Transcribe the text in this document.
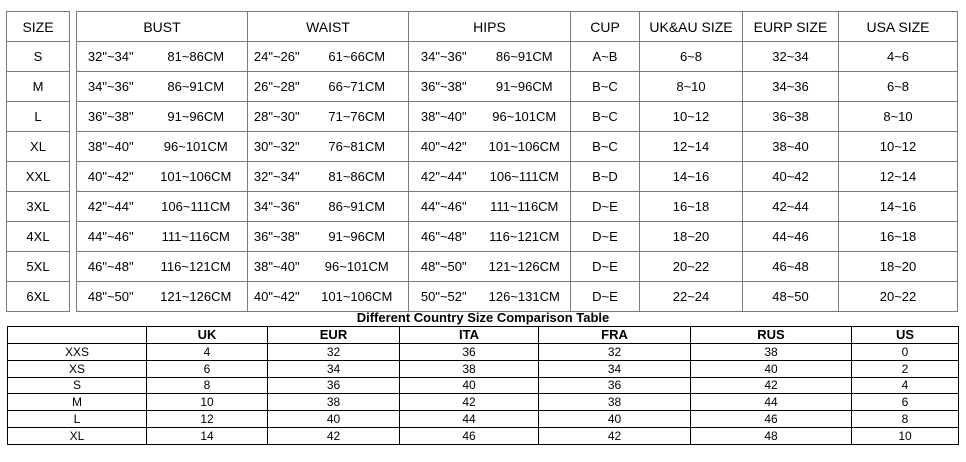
SIZE		BUST		WAIST		HIPS		CUP	UK&AU SIZE	EURP SIZE	USA SIZE
S		32"~34"	81~86CM	24"~26"	61~66CM	34"~36"	86~91CM	A~B	6~8	32~34	4~6
M		34"~36"	86~91CM	26"~28"	66~71CM	36"~38"	91~96CM	B~C	8~10	34~36	6~8
L		36"~38"	91~96CM	28"~30"	71~76CM	38"~40"	96~101CM	B~C	10~12	36~38	8~10
XL		38"~40"	96~101CM	30"~32"	76~81CM	40"~42"	101~106CM	B~C	12~14	38~40	10~12
XXL		40"~42"	101~106CM	32"~34"	81~86CM	42"~44"	106~111CM	B~D	14~16	40~42	12~14
3XL		42"~44"	106~111CM	34"~36"	86~91CM	44"~46"	111~116CM	D~E	16~18	42~44	14~16
4XL		44"~46"	111~116CM	36"~38"	91~96CM	46"~48"	116~121CM	D~E	18~20	44~46	16~18
5XL		46"~48"	116~121CM	38"~40"	96~101CM	48"~50"	121~126CM	D~E	20~22	46~48	18~20
6XL		48"~50"	121~126CM	40"~42"	101~106CM	50"~52"	126~131CM	D~E	22~24	48~50	20~22
Different Country Size Comparison Table
	UK	EUR	ITA	FRA	RUS	US
XXS	4	32	36	32	38	0
XS	6	34	38	34	40	2
S	8	36	40	36	42	4
M	10	38	42	38	44	6
L	12	40	44	40	46	8
XL	14	42	46	42	48	10
